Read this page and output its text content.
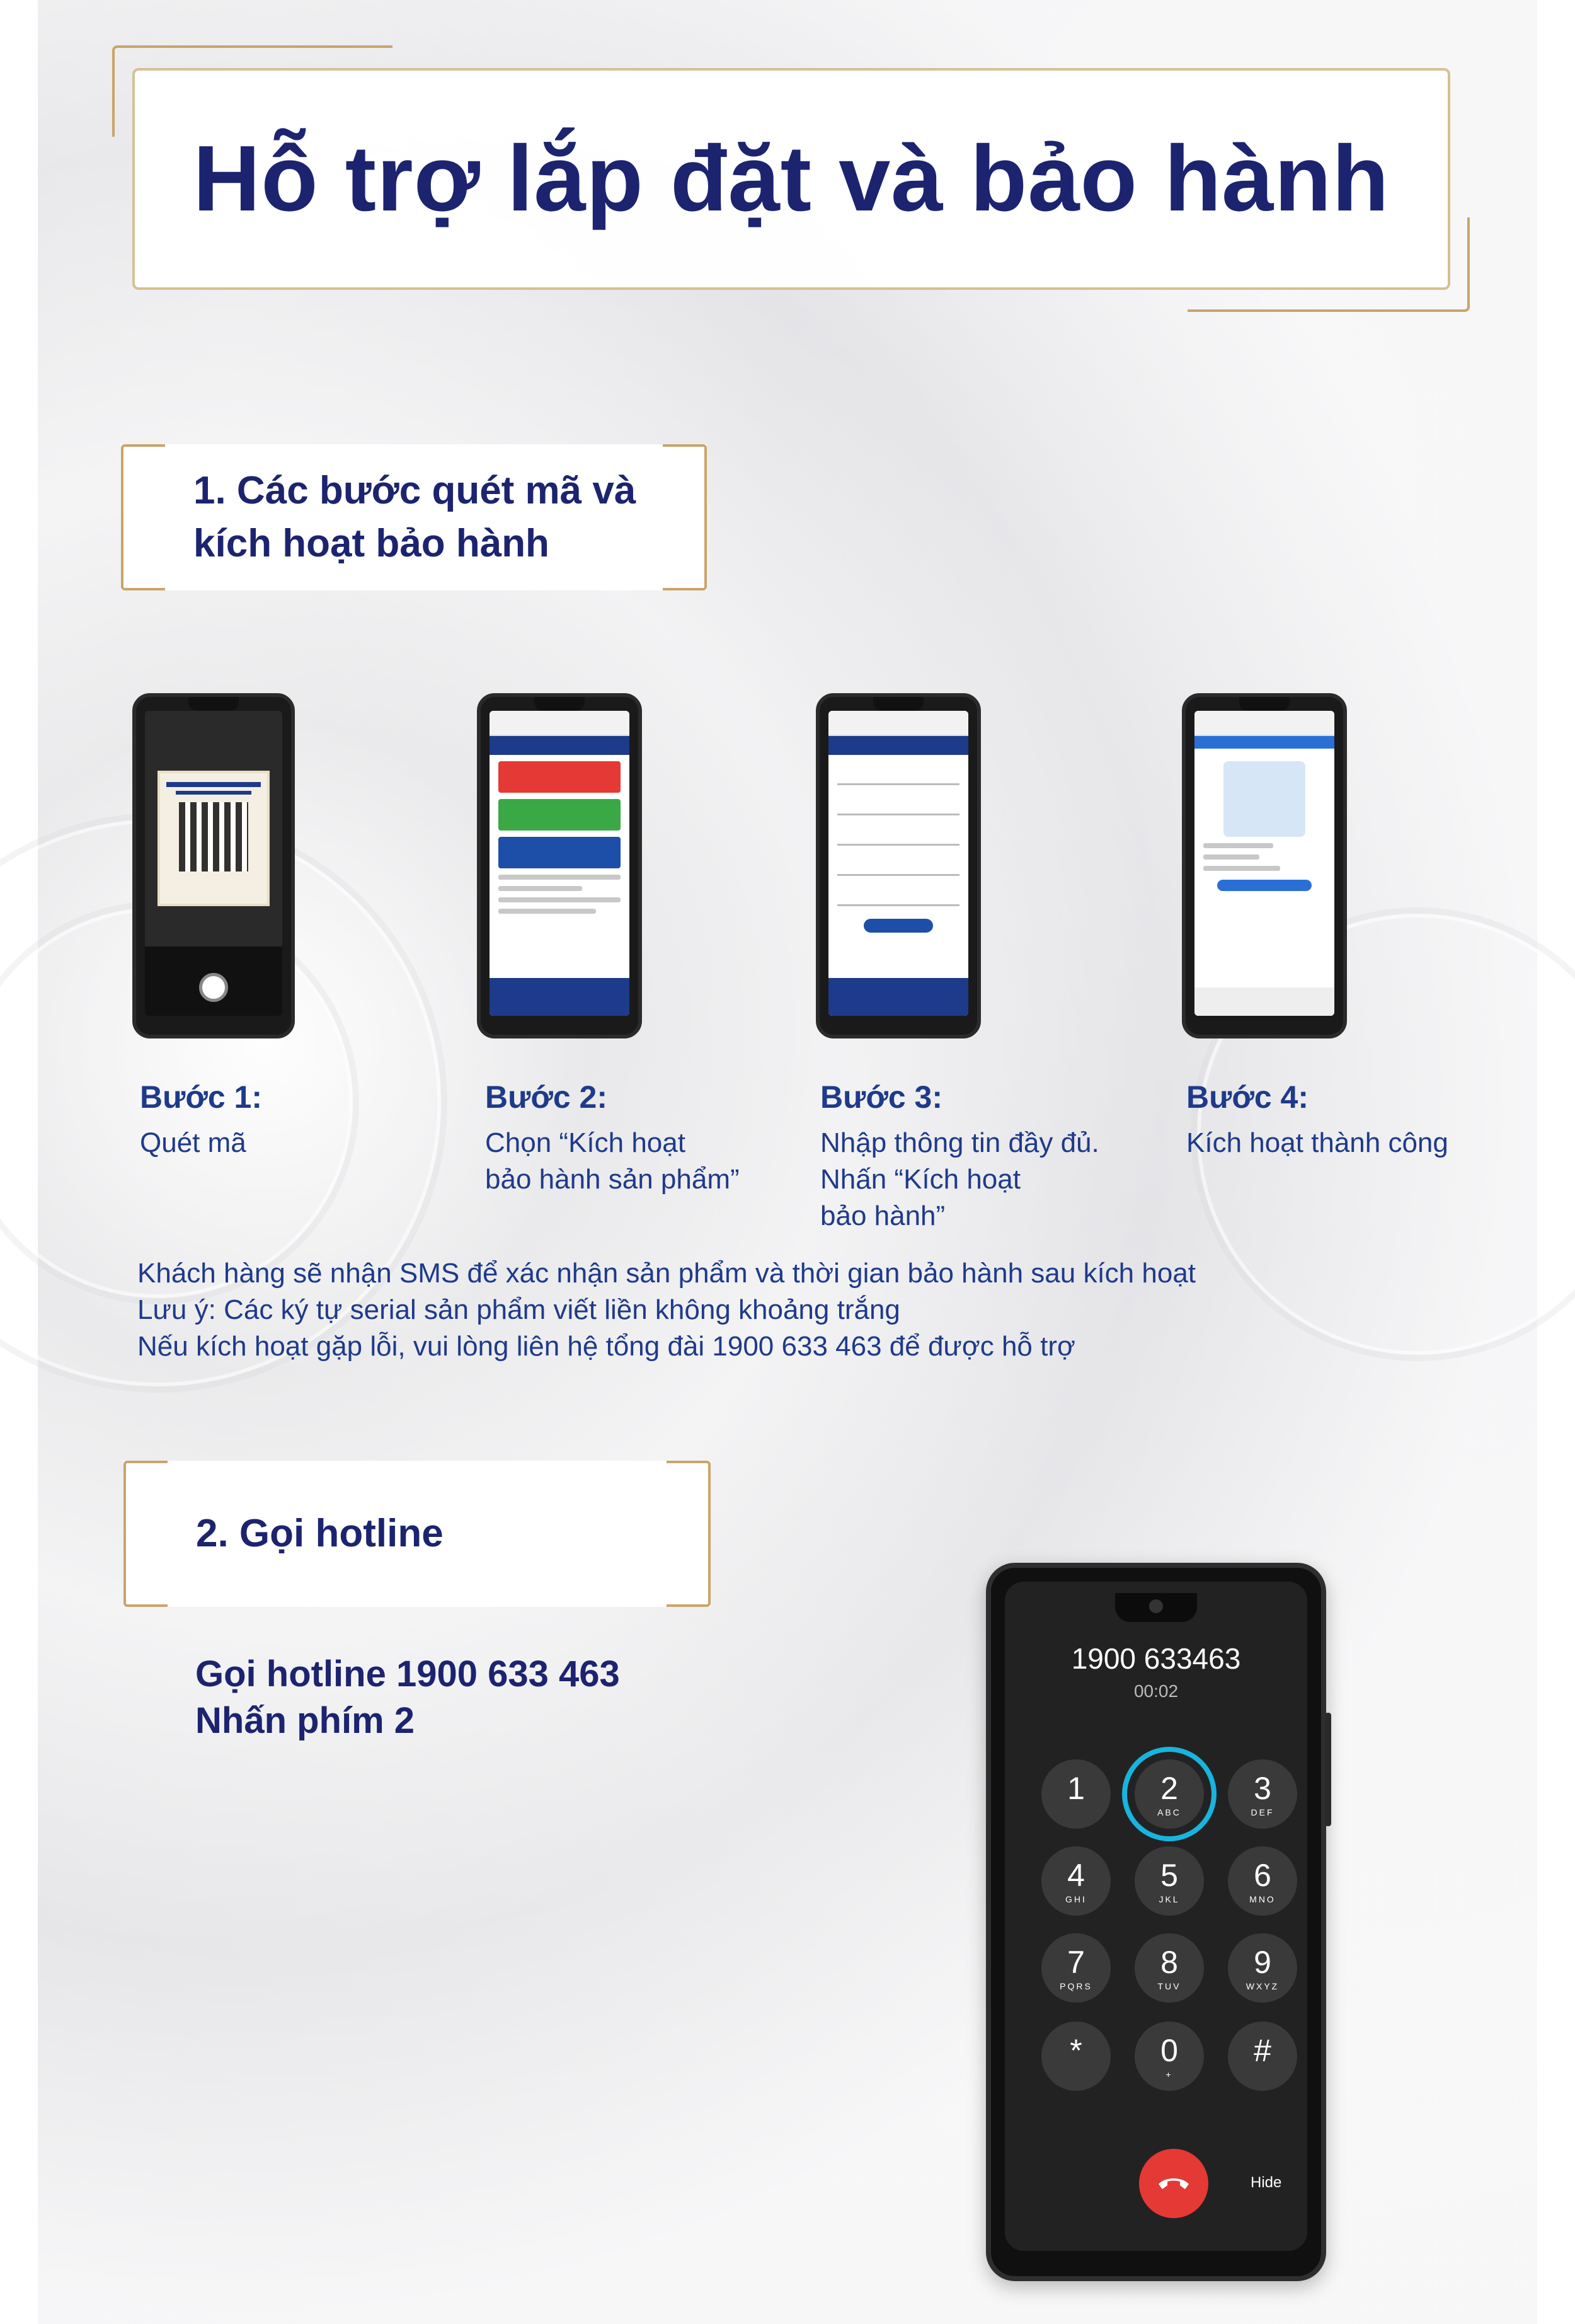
Hỗ trợ lắp đặt và bảo hành
1. Các bước quét mã và
kích hoạt bảo hành
Bước 1:
Quét mã
Bước 2:
Chọn “Kích hoạt
bảo hành sản phẩm”
Bước 3:
Nhập thông tin đầy đủ.
Nhấn “Kích hoạt
bảo hành”
Bước 4:
Kích hoạt thành công
Khách hàng sẽ nhận SMS để xác nhận sản phẩm và thời gian bảo hành sau kích hoạt
Lưu ý: Các ký tự serial sản phẩm viết liền không khoảng trắng
Nếu kích hoạt gặp lỗi, vui lòng liên hệ tổng đài 1900 633 463 để được hỗ trợ
2. Gọi hotline
Gọi hotline 1900 633 463
Nhấn phím 2
1900 633463
00:02
1	2
ABC
3
DEF
4
GHI
5
JKL
6
MNO
7
PQRS
8
TUV
9
WXYZ
*	0
+
#
Hide
